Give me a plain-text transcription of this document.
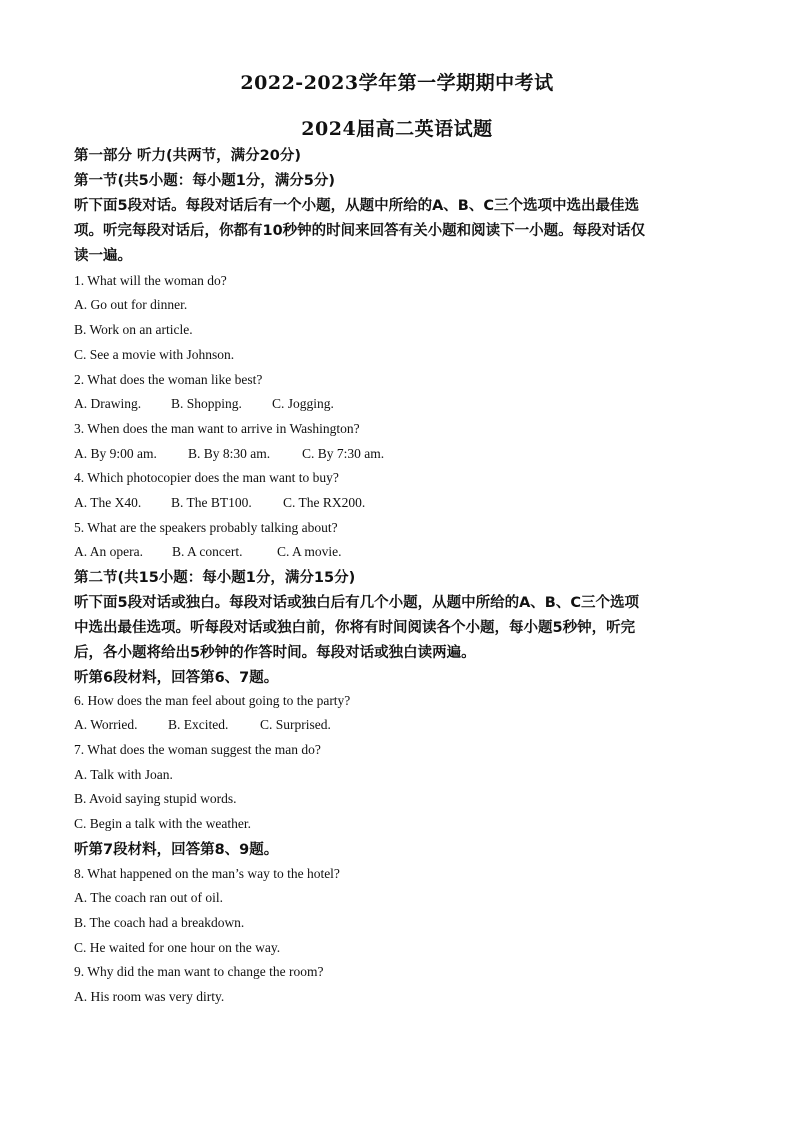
2022-2023学年第一学期期中考试
2024届高二英语试题
第一部分 听力(共两节，满分20分)
第一节(共5小题：每小题1分，满分5分)
听下面5段对话。每段对话后有一个小题，从题中所给的A、B、C三个选项中选出最佳选
项。听完每段对话后，你都有10秒钟的时间来回答有关小题和阅读下一小题。每段对话仅
读一遍。
1. What will the woman do?
A. Go out for dinner.
B. Work on an article.
C. See a movie with Johnson.
2. What does the woman like best?
A. Drawing. B. Shopping. C. Jogging.
3. When does the man want to arrive in Washington?
A. By 9:00 am. B. By 8:30 am. C. By 7:30 am.
4. Which photocopier does the man want to buy?
A. The X40. B. The BT100. C. The RX200.
5. What are the speakers probably talking about?
A. An opera. B. A concert.	C. A movie.
第二节(共15小题：每小题1分，满分15分)
听下面5段对话或独白。每段对话或独白后有几个小题，从题中所给的A、B、C三个选项
中选出最佳选项。听每段对话或独白前，你将有时间阅读各个小题，每小题5秒钟，听完
后，各小题将给出5秒钟的作答时间。每段对话或独白读两遍。
听第6段材料，回答第6、7题。
6. How does the man feel about going to the party?
A. Worried. B. Excited. C. Surprised.
7. What does the woman suggest the man do?
A. Talk with Joan.
B. Avoid saying stupid words.
C. Begin a talk with the weather.
听第7段材料，回答第8、9题。
8. What happened on the man’s way to the hotel?
A. The coach ran out of oil.
B. The coach had a breakdown.
C. He waited for one hour on the way.
9. Why did the man want to change the room?
A. His room was very dirty.
